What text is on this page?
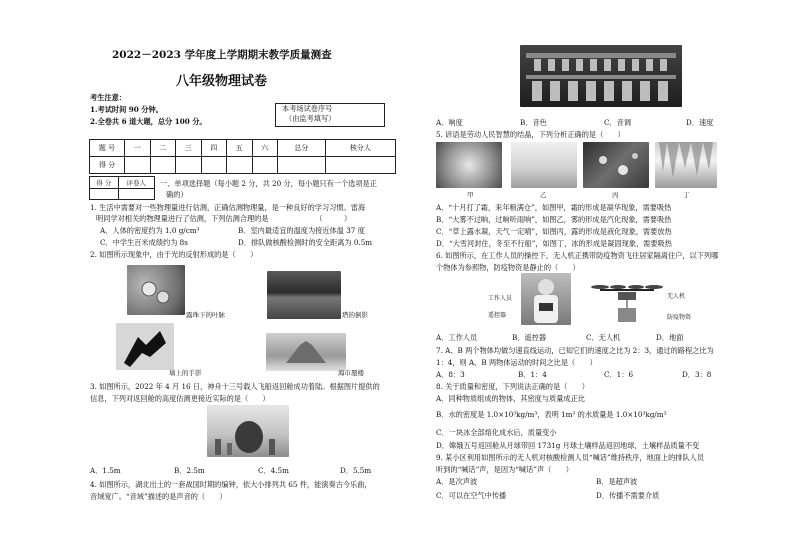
2022－2023 学年度上学期期末教学质量测查
八年级物理试卷
考生注意：
1.考试时间 90 分钟。
2.全卷共 6 道大题，总分 100 分。
本考场试卷序号
（由监考填写）
题 号	一	二	三	四	五	六	总分	核分人
得 分								
得 分	评卷人
	一、单项选择题（每小题 2 分，共 20 分，每小题只有一个选项是正
确的）
1. 生活中需要对一些物理量进行估测，正确估测物理量，是一种良好的学习习惯。雷海
明同学对相关的物理量进行了估测，下列估测合理的是　　　　　　　（　　　）
A．人体的密度约为 1.0 g/cm³	B．室内最适宜的温度为接近体温 37 度
C．中学生百米成绩约为 8s	D．排队做核酸检测时的安全距离为 0.5m
2. 如图所示现象中，由于光的反射形成的是（　　）
露珠下的叶脉	塔的倒影
墙上的手影	海市蜃楼
3. 如图所示，2022 年 4 月 16 日，神舟十三号载人飞船返回舱成功着陆。根据图片提供的
信息，下列对返回舱的高度估测更接近实际的是（　　）
A．1.5m	B．2.5m	C．4.5m	D．5.5m
4. 如图所示，湖北出土的一套战国时期的编钟，依大小排列共 65 件，能演奏古今乐曲，
音域宽广。“音域”描述的是声音的（　　）
A．响度	B．音色	C．音调	D．速度
5. 谚语是劳动人民智慧的结晶，下列分析正确的是（　　）
甲	乙	丙	丁
A．“十月打了霜，来年粮满仓”，如图甲，霜的形成是凝华现象，需要吸热
B．“大雾不过晌，过晌听雨响”，如图乙，雾的形成是汽化现象，需要吸热
C．“草上露水凝，天气一定晴”，如图丙，露的形成是液化现象，需要放热
D．“大雪河封住，冬至不行船”，如图丁，冰的形成是凝固现象，需要吸热
6. 如图所示，在工作人员的操控下，无人机正携带防疫物资飞往居家隔离住户，以下列哪
个物体为参照物，防疫物资是静止的（　　）
工作人员
遥控器
无人机
防疫物资
A．工作人员	B．遥控器	C．无人机	D．地面
7. A、B 两个物体均做匀速直线运动，已知它们的速度之比为 2：3，通过的路程之比为
1：4，则 A、B 两物体运动的时间之比是（　　）
A．8：3	B．1：4	C．1：6	D．3：8
8. 关于质量和密度，下列说法正确的是（　　）
A．同种物质组成的物体，其密度与质量成正比
B．水的密度是 1.0×10³kg/m³，表明 1m³ 的水质量是 1.0×10³kg/m³
C．一块冰全部熔化成水后，质量变小
D．嫦娥五号返回舱从月球带回 1731g 月球土壤样品返回地球，土壤样品质量不变
9. 某小区利用如图所示的无人机对核酸检测人员“喊话”维持秩序，地面上的排队人员
听到的“喊话”声，是因为“喊话”声（　　）
A．是次声波	B．是超声波
C．可以在空气中传播	D．传播不需要介质
